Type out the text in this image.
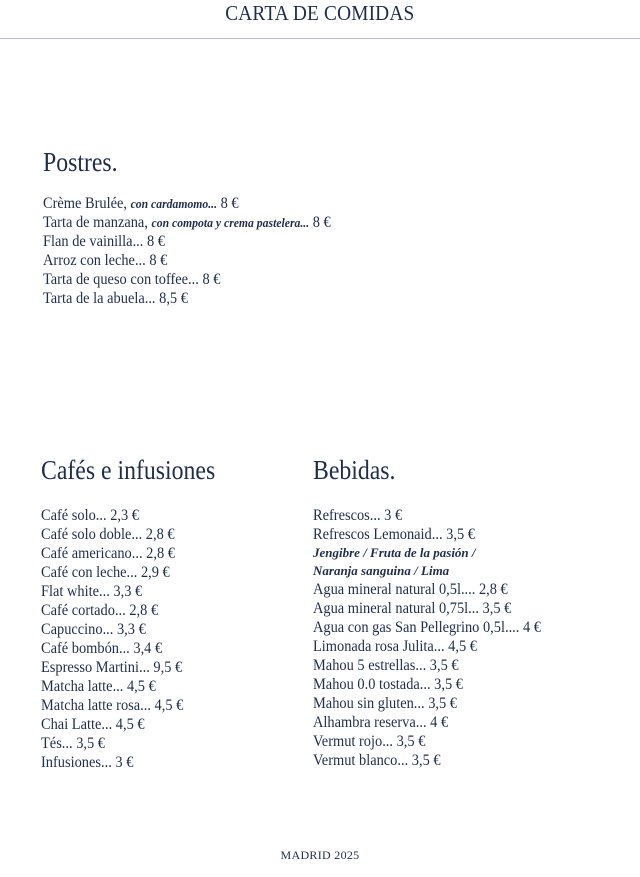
CARTA DE COMIDAS
Postres.
Crème Brulée, con cardamomo... 8 €
Tarta de manzana, con compota y crema pastelera... 8 €
Flan de vainilla... 8 €
Arroz con leche... 8 €
Tarta de queso con toffee... 8 €
Tarta de la abuela... 8,5 €
Cafés e infusiones
Café solo... 2,3 €
Café solo doble... 2,8 €
Café americano... 2,8 €
Café con leche... 2,9 €
Flat white... 3,3 €
Café cortado... 2,8 €
Capuccino... 3,3 €
Café bombón... 3,4 €
Espresso Martini... 9,5 €
Matcha latte... 4,5 €
Matcha latte rosa... 4,5 €
Chai Latte... 4,5 €
Tés... 3,5 €
Infusiones... 3 €
Bebidas.
Refrescos... 3 €
Refrescos Lemonaid... 3,5 €
Jengibre / Fruta de la pasión /
Naranja sanguina / Lima
Agua mineral natural 0,5l.... 2,8 €
Agua mineral natural 0,75l... 3,5 €
Agua con gas San Pellegrino 0,5l.... 4 €
Limonada rosa Julita... 4,5 €
Mahou 5 estrellas... 3,5 €
Mahou 0.0 tostada... 3,5 €
Mahou sin gluten... 3,5 €
Alhambra reserva... 4 €
Vermut rojo... 3,5 €
Vermut blanco... 3,5 €
MADRID 2025
